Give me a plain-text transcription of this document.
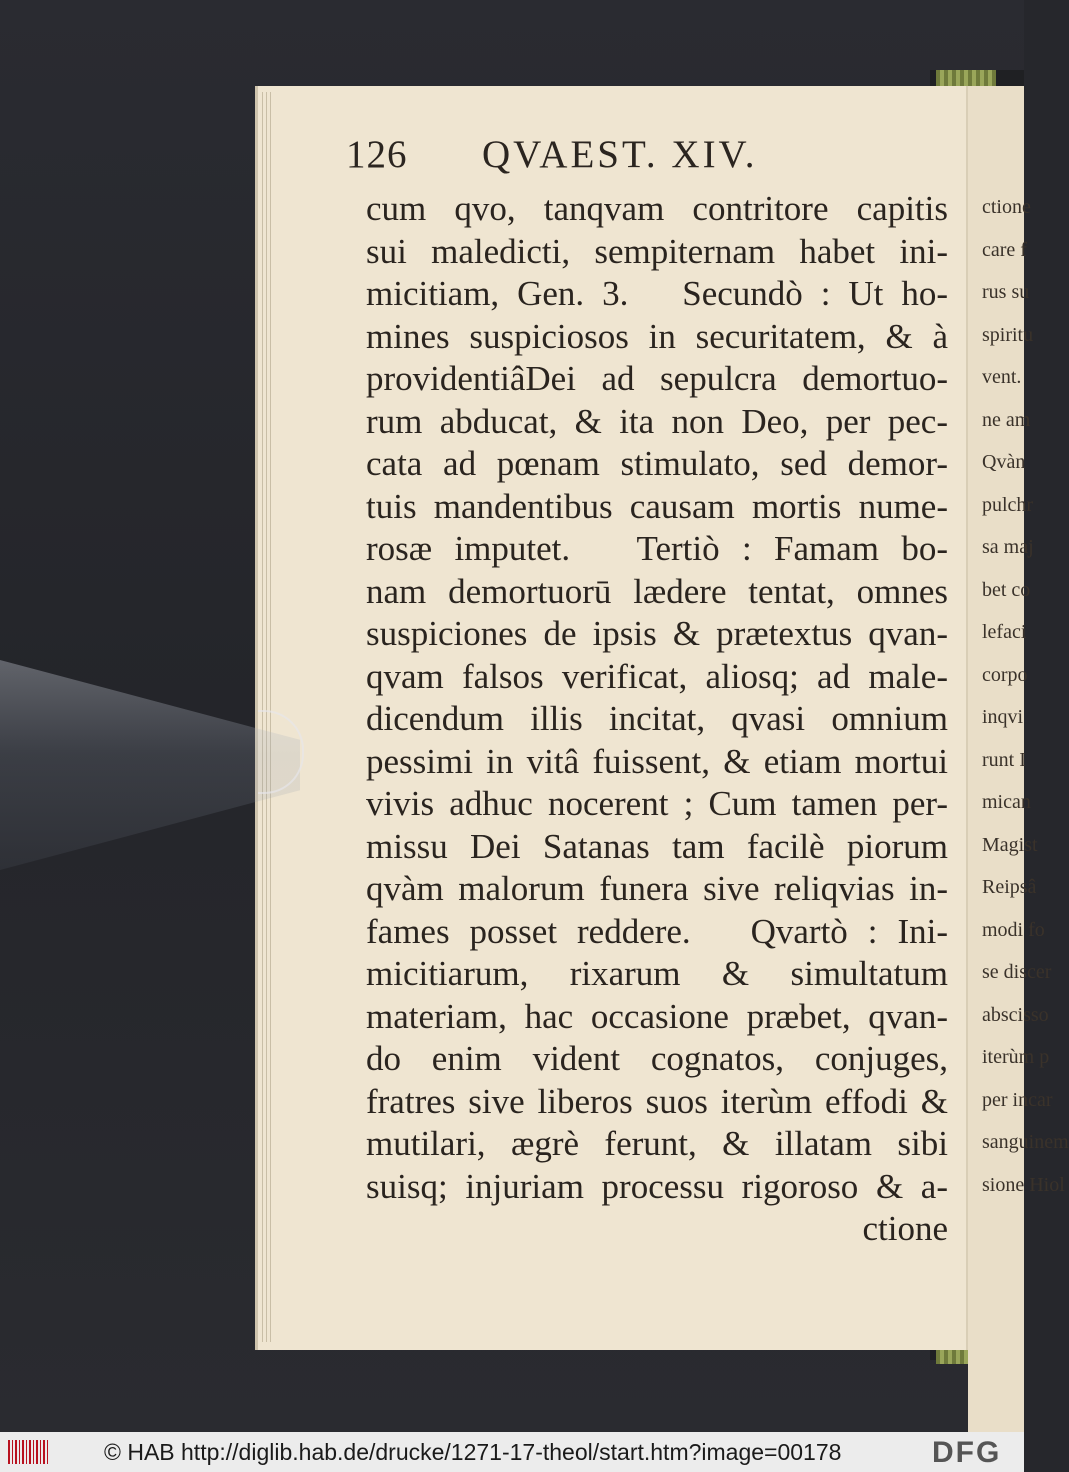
126 QVAEST. XIV.
cum qvo, tanqvam contritore capitis
sui maledicti, sempiternam habet ini-
micitiam, Gen. 3.   Secundò : Ut ho-
mines suspiciosos in securitatem, & à
providentiâDei ad sepulcra demortuo-
rum abducat, & ita non Deo, per pec-
cata ad pœnam stimulato, sed demor-
tuis mandentibus causam mortis nume-
rosæ imputet.   Tertiò : Famam bo-
nam demortuorū lædere tentat, omnes
suspiciones de ipsis & prætextus qvan-
qvam falsos verificat, aliosq; ad male-
dicendum illis incitat, qvasi omnium
pessimi in vitâ fuissent, & etiam mortui
vivis adhuc nocerent ; Cum tamen per-
missu Dei Satanas tam facilè piorum
qvàm malorum funera sive reliqvias in-
fames posset reddere.   Qvartò : Ini-
micitiarum, rixarum & simultatum
materiam, hac occasione præbet, qvan-
do enim vident cognatos, conjuges,
fratres sive liberos suos iterùm effodi &
mutilari, ægrè ferunt, & illatam sibi
suisq; injuriam processu rigoroso & a-
ctione
ctione
care f
rus su
spiritu
vent.
ne am
Qvàn
pulchr
sa maj
bet co
lefaci
corpo
inqvi
runt I
mican
Magist
Reipsâ
modi fo
se discer
abscisso
iterùm p
per incar
sanguinem
sione Hiol
© HAB http://diglib.hab.de/drucke/1271-17-theol/start.htm?image=00178	DFG
